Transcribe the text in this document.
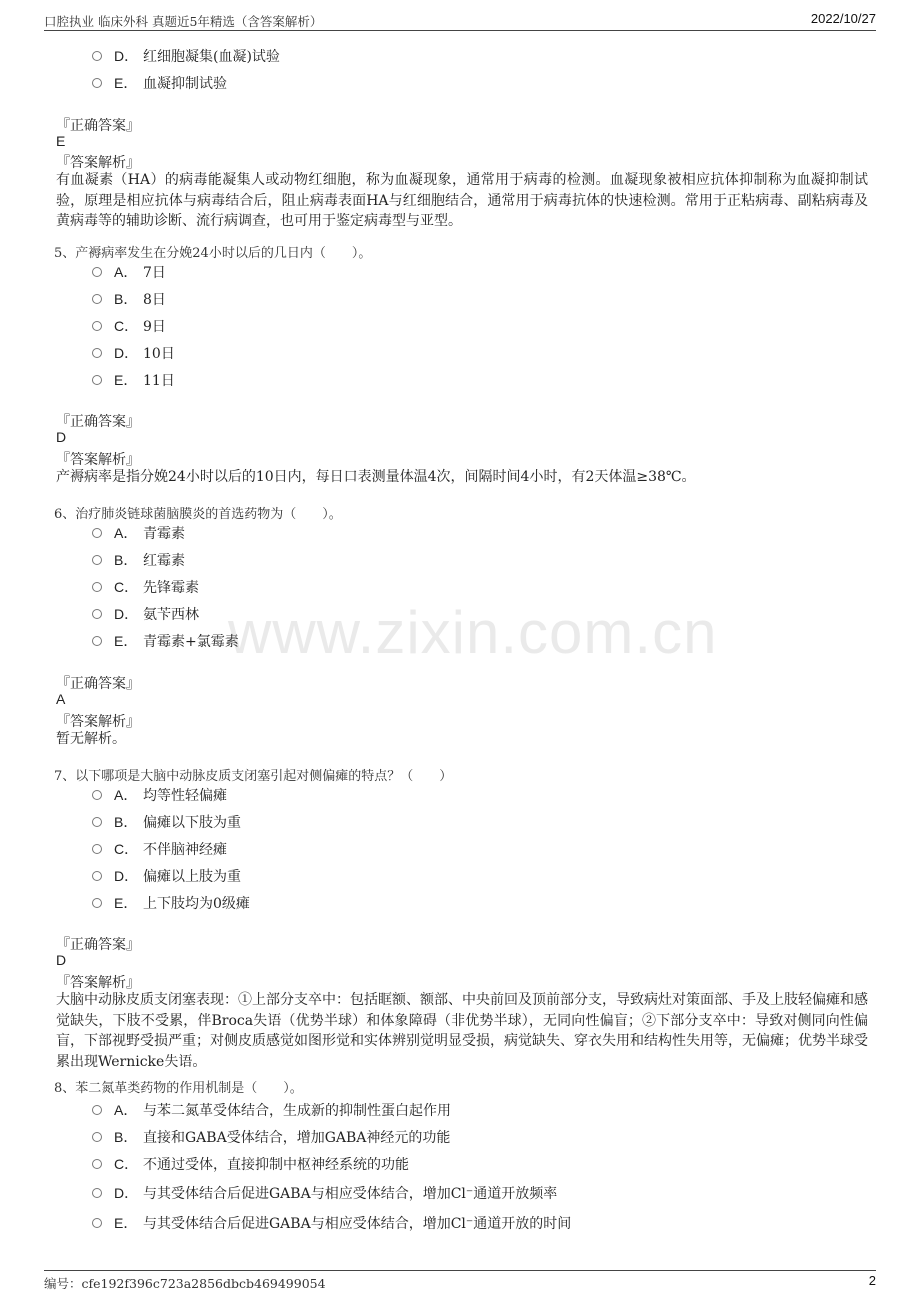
口腔执业 临床外科 真题近5年精选（含答案解析）	2022/10/27
www.zixin.com.cn
D． 红细胞凝集(血凝)试验
E． 血凝抑制试验
『正确答案』
E
『答案解析』
有血凝素（HA）的病毒能凝集人或动物红细胞，称为血凝现象，通常用于病毒的检测。血凝现象被相应抗体抑制称为血凝抑制试验，原理是相应抗体与病毒结合后，阻止病毒表面HA与红细胞结合，通常用于病毒抗体的快速检测。常用于正粘病毒、副粘病毒及黄病毒等的辅助诊断、流行病调查，也可用于鉴定病毒型与亚型。
5、产褥病率发生在分娩24小时以后的几日内（　　）。
A． 7日
B． 8日
C． 9日
D． 10日
E． 11日
『正确答案』
D
『答案解析』
产褥病率是指分娩24小时以后的10日内，每日口表测量体温4次，间隔时间4小时，有2天体温≥38℃。
6、治疗肺炎链球菌脑膜炎的首选药物为（　　）。
A． 青霉素
B． 红霉素
C． 先锋霉素
D． 氨苄西林
E． 青霉素+氯霉素
『正确答案』
A
『答案解析』
暂无解析。
7、以下哪项是大脑中动脉皮质支闭塞引起对侧偏瘫的特点？（　　）
A． 均等性轻偏瘫
B． 偏瘫以下肢为重
C． 不伴脑神经瘫
D． 偏瘫以上肢为重
E． 上下肢均为0级瘫
『正确答案』
D
『答案解析』
大脑中动脉皮质支闭塞表现：①上部分支卒中：包括眶额、额部、中央前回及顶前部分支，导致病灶对策面部、手及上肢轻偏瘫和感觉缺失，下肢不受累，伴Broca失语（优势半球）和体象障碍（非优势半球），无同向性偏盲；②下部分支卒中：导致对侧同向性偏盲，下部视野受损严重；对侧皮质感觉如图形觉和实体辨别觉明显受损，病觉缺失、穿衣失用和结构性失用等，无偏瘫；优势半球受累出现Wernicke失语。
8、苯二氮革类药物的作用机制是（　　）。
A． 与苯二氮革受体结合，生成新的抑制性蛋白起作用
B． 直接和GABA受体结合，增加GABA神经元的功能
C． 不通过受体，直接抑制中枢神经系统的功能
D． 与其受体结合后促进GABA与相应受体结合，增加Cl⁻通道开放频率
E． 与其受体结合后促进GABA与相应受体结合，增加Cl⁻通道开放的时间
编号：cfe192f396c723a2856dbcb469499054	2
